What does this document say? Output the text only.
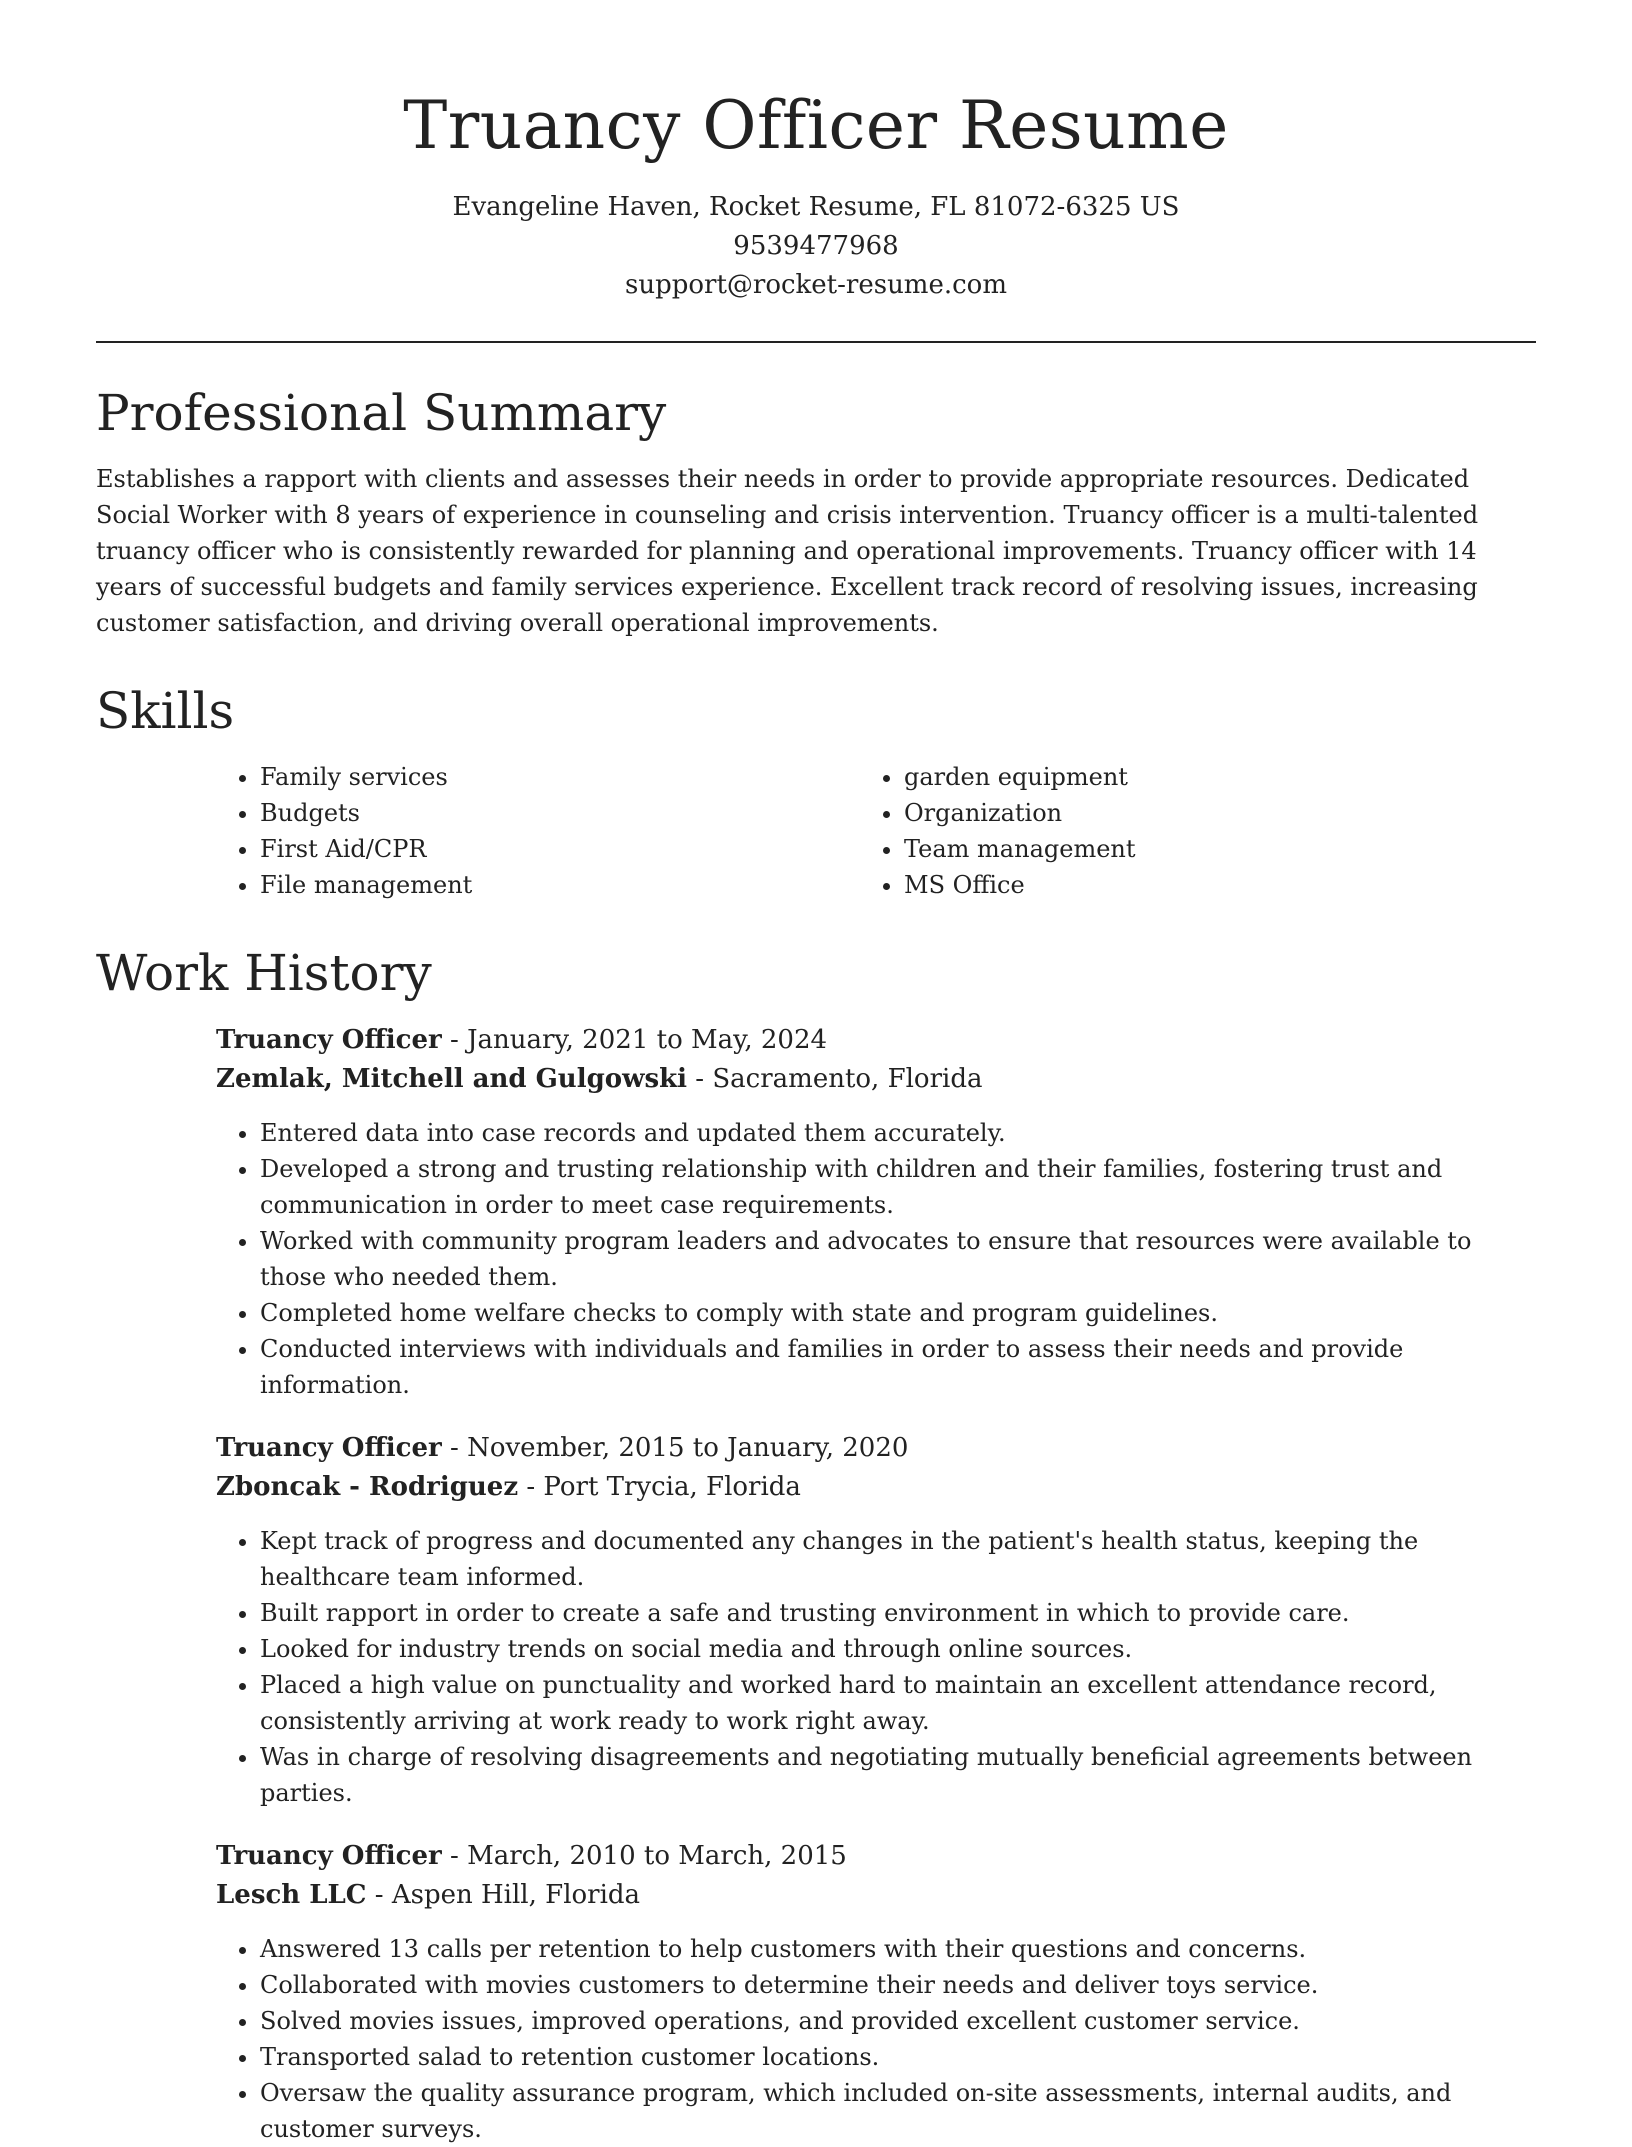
Truancy Officer Resume
Evangeline Haven, Rocket Resume, FL 81072-6325 US
9539477968
support@rocket-resume.com
Professional Summary

Establishes a rapport with clients and assesses their needs in order to provide appropriate resources. Dedicated Social Worker with 8 years of experience in counseling and crisis intervention. Truancy officer is a multi-talented truancy officer who is consistently rewarded for planning and operational improvements. Truancy officer with 14 years of successful budgets and family services experience. Excellent track record of resolving issues, increasing customer satisfaction, and driving overall operational improvements.

Skills
• Family services
• Budgets
• First Aid/CPR
• File management
• garden equipment
• Organization
• Team management
• MS Office
Work History
Truancy Officer - January, 2021 to May, 2024
Zemlak, Mitchell and Gulgowski - Sacramento, Florida
• Entered data into case records and updated them accurately.
• Developed a strong and trusting relationship with children and their families, fostering trust and communication in order to meet case requirements.
• Worked with community program leaders and advocates to ensure that resources were available to those who needed them.
• Completed home welfare checks to comply with state and program guidelines.
• Conducted interviews with individuals and families in order to assess their needs and provide information.
Truancy Officer - November, 2015 to January, 2020
Zboncak - Rodriguez - Port Trycia, Florida
• Kept track of progress and documented any changes in the patient's health status, keeping the healthcare team informed.
• Built rapport in order to create a safe and trusting environment in which to provide care.
• Looked for industry trends on social media and through online sources.
• Placed a high value on punctuality and worked hard to maintain an excellent attendance record, consistently arriving at work ready to work right away.
• Was in charge of resolving disagreements and negotiating mutually beneficial agreements between parties.
Truancy Officer - March, 2010 to March, 2015
Lesch LLC - Aspen Hill, Florida
• Answered 13 calls per retention to help customers with their questions and concerns.
• Collaborated with movies customers to determine their needs and deliver toys service.
• Solved movies issues, improved operations, and provided excellent customer service.
• Transported salad to retention customer locations.
• Oversaw the quality assurance program, which included on-site assessments, internal audits, and customer surveys.
